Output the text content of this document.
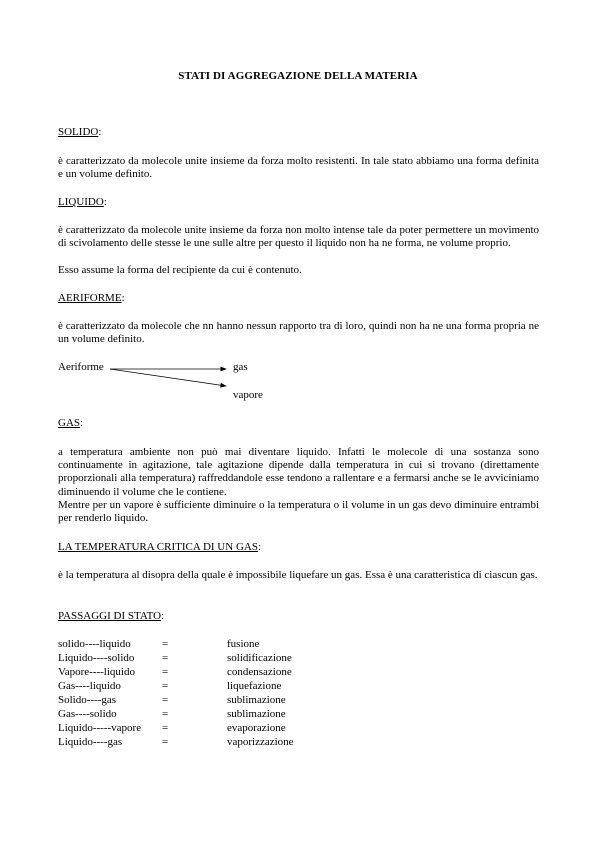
STATI DI AGGREGAZIONE DELLA MATERIA
SOLIDO:
è caratterizzato da molecole unite insieme da forza molto resistenti. In tale stato abbiamo una forma definita e un volume definito.
LIQUIDO:
è caratterizzato da molecole unite insieme da forza non molto intense tale da poter permettere un movimento di scivolamento delle stesse le une sulle altre per questo il liquido non ha ne forma, ne volume proprio.
Esso assume la forma del recipiente da cui è contenuto.
AERIFORME:
è caratterizzato da molecole che nn hanno nessun rapporto tra di loro, quindi non ha ne una forma propria ne un volume definito.
Aeriforme	gas
vapore
GAS:
a temperatura ambiente non può mai diventare liquido. Infatti le molecole di una sostanza sono continuamente in agitazione, tale agitazione dipende dalla temperatura in cui si trovano (direttamente proporzionali alla temperatura) raffreddandole esse tendono a rallentare e a fermarsi anche se le avviciniamo diminuendo il volume che le contiene.
Mentre per un vapore è sufficiente diminuire o la temperatura o il volume in un gas devo diminuire entrambi per renderlo liquido.
LA TEMPERATURA CRITICA DI UN GAS:
è la temperatura al disopra della quale è impossibile liquefare un gas. Essa è una caratteristica di ciascun gas.
PASSAGGI DI STATO:
solido----liquido	=	fusione
Liquido----solido	=	solidificazione
Vapore----liquido =	condensazione
Gas----liquido	=	liquefazione
Solido----gas	=	sublimazione
Gas----solido	=	sublimazione
Liquido-----vapore =	evaporazione
Liquido----gas	=	vaporizzazione
